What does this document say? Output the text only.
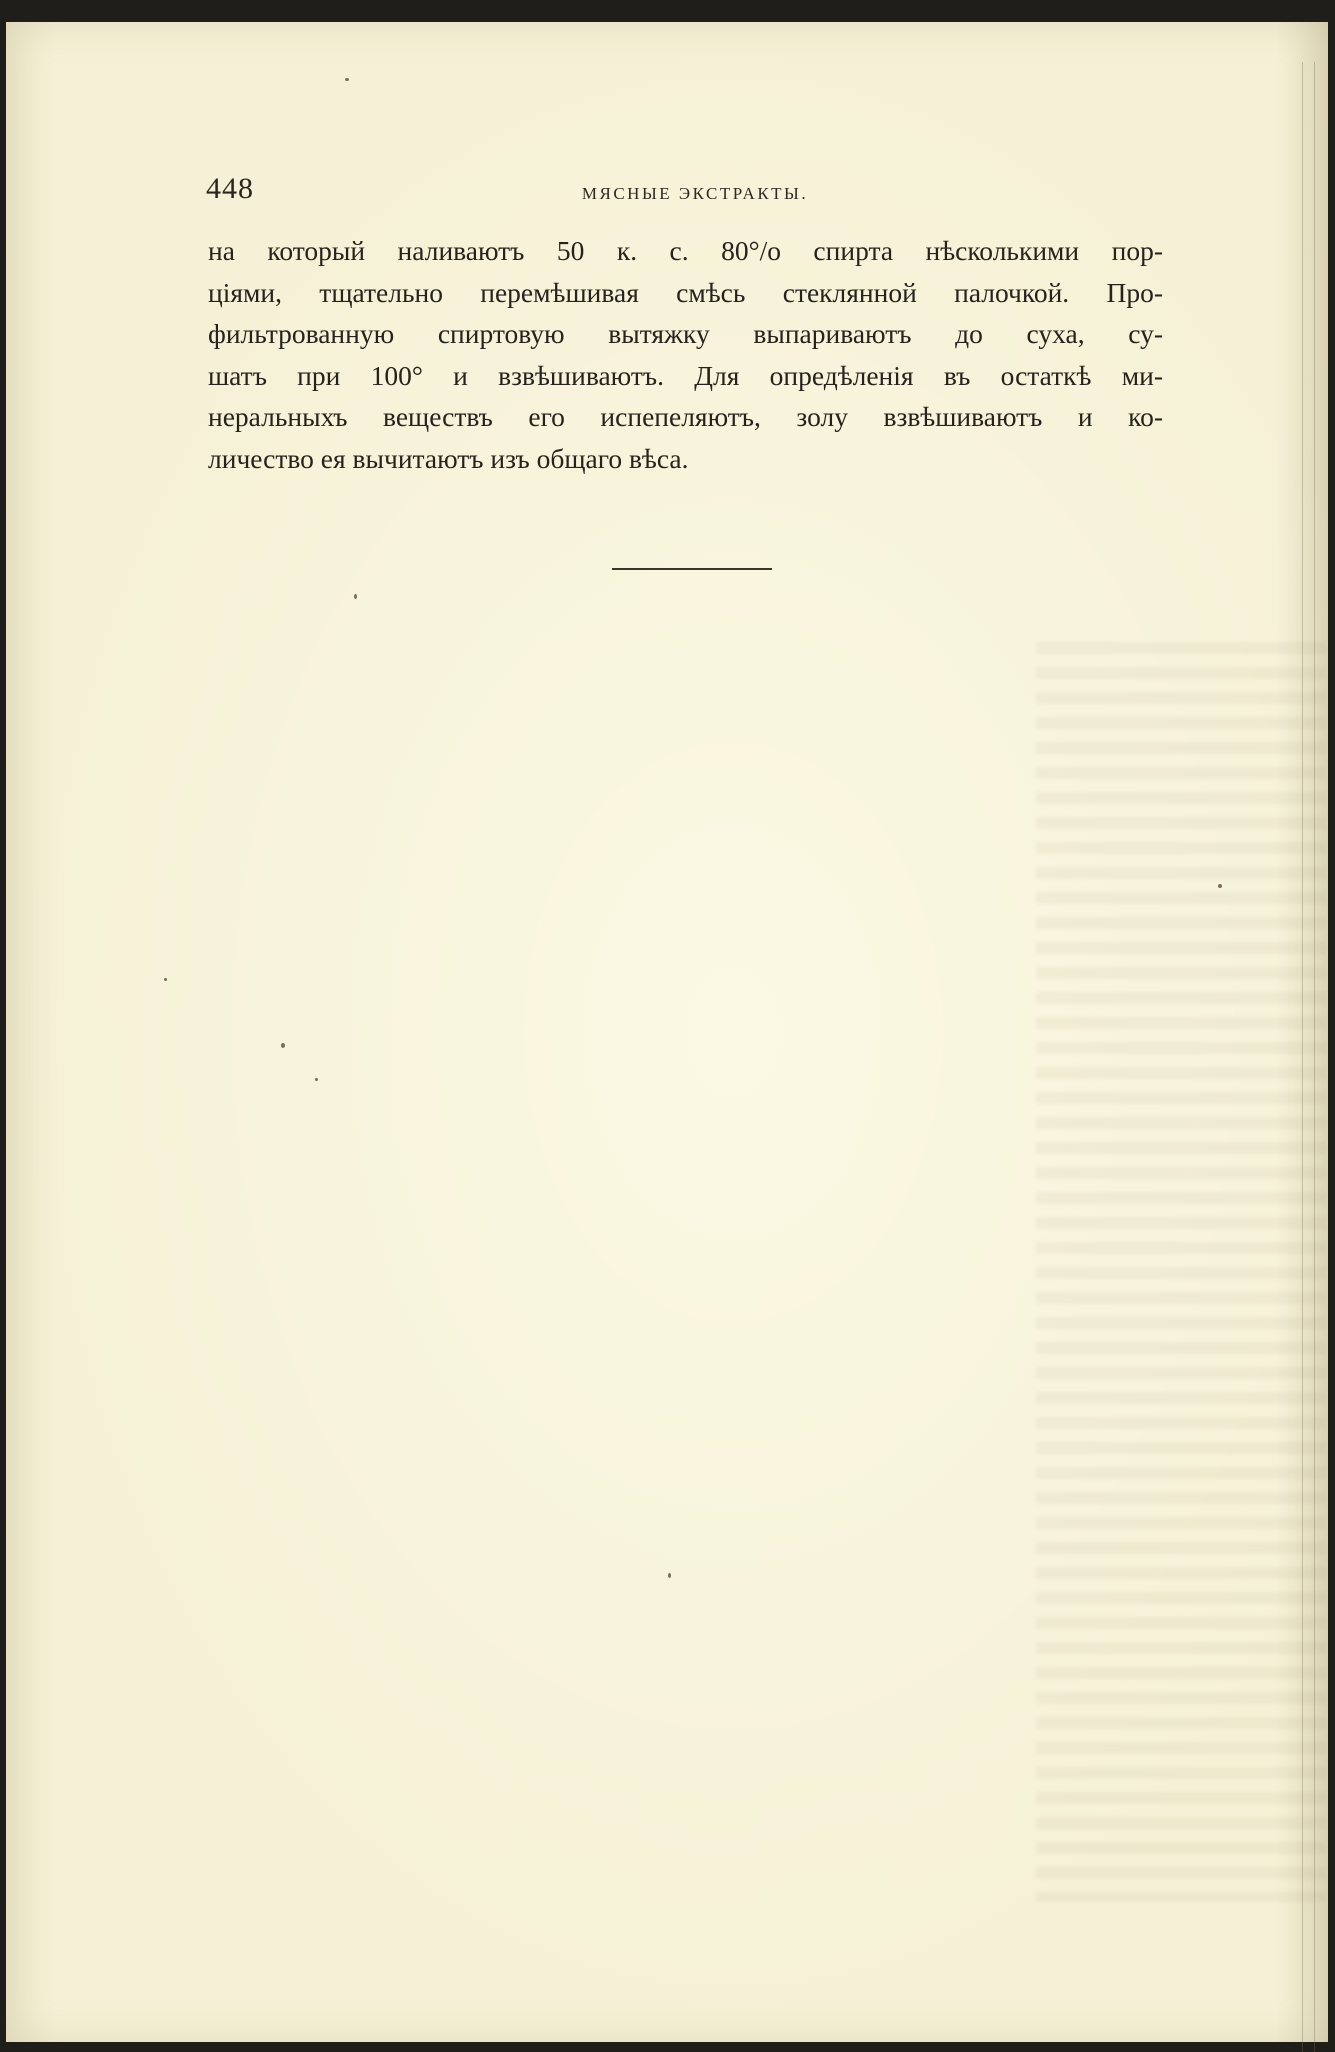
448	МЯСНЫЕ ЭКСТРАКТЫ.
на который наливаютъ 50 к. с. 80°/о спирта нѣсколькими пор-
ціями, тщательно перемѣшивая смѣсь стеклянной палочкой. Про-
фильтрованную спиртовую вытяжку выпариваютъ до суха, су-
шатъ при 100° и взвѣшиваютъ. Для опредѣленія въ остаткѣ ми-
неральныхъ веществъ его испепеляютъ, золу взвѣшиваютъ и ко-
личество ея вычитаютъ изъ общаго вѣса.
